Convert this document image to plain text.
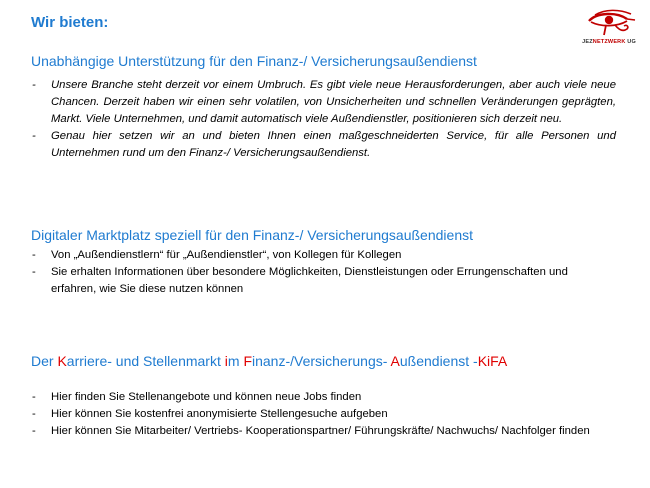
Wir bieten:
JEZNETZWERK UG
Unabhängige Unterstützung für den Finanz-/ Versicherungsaußendienst
- Unsere Branche steht derzeit vor einem Umbruch. Es gibt viele neue Herausforderungen, aber auch viele neue Chancen. Derzeit haben wir einen sehr volatilen, von Unsicherheiten und schnellen Veränderungen geprägten, Markt. Viele Unternehmen, und damit automatisch viele Außendienstler, positionieren sich derzeit neu.
- Genau hier setzen wir an und bieten Ihnen einen maßgeschneiderten Service, für alle Personen und Unternehmen rund um den Finanz-/ Versicherungsaußendienst.
Digitaler Marktplatz speziell für den Finanz-/ Versicherungsaußendienst
- Von „Außendienstlern“ für „Außendienstler“, von Kollegen für Kollegen
- Sie erhalten Informationen über besondere Möglichkeiten, Dienstleistungen oder Errungenschaften und erfahren, wie Sie diese nutzen können
Der Karriere- und Stellenmarkt im Finanz-/Versicherungs- Außendienst -KiFA
- Hier finden Sie Stellenangebote und können neue Jobs finden
- Hier können Sie kostenfrei anonymisierte Stellengesuche aufgeben
- Hier können Sie Mitarbeiter/ Vertriebs- Kooperationspartner/ Führungskräfte/ Nachwuchs/ Nachfolger finden
